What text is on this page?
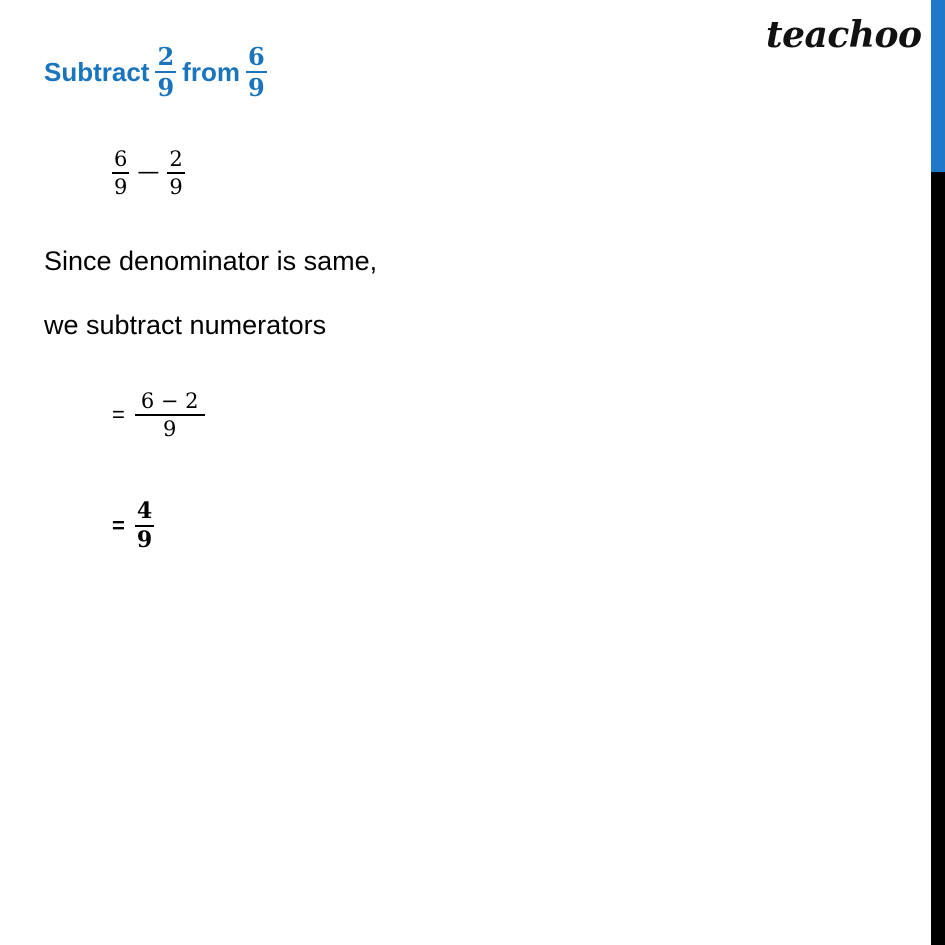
teachoo
Subtract $\frac{2}{9}$ from $\frac{6}{9}$
$\frac{6}{9}$ — $\frac{2}{9}$
Since denominator is same,
we subtract numerators
= $\frac{6 - 2}{9}$
= $\frac{4}{9}$
